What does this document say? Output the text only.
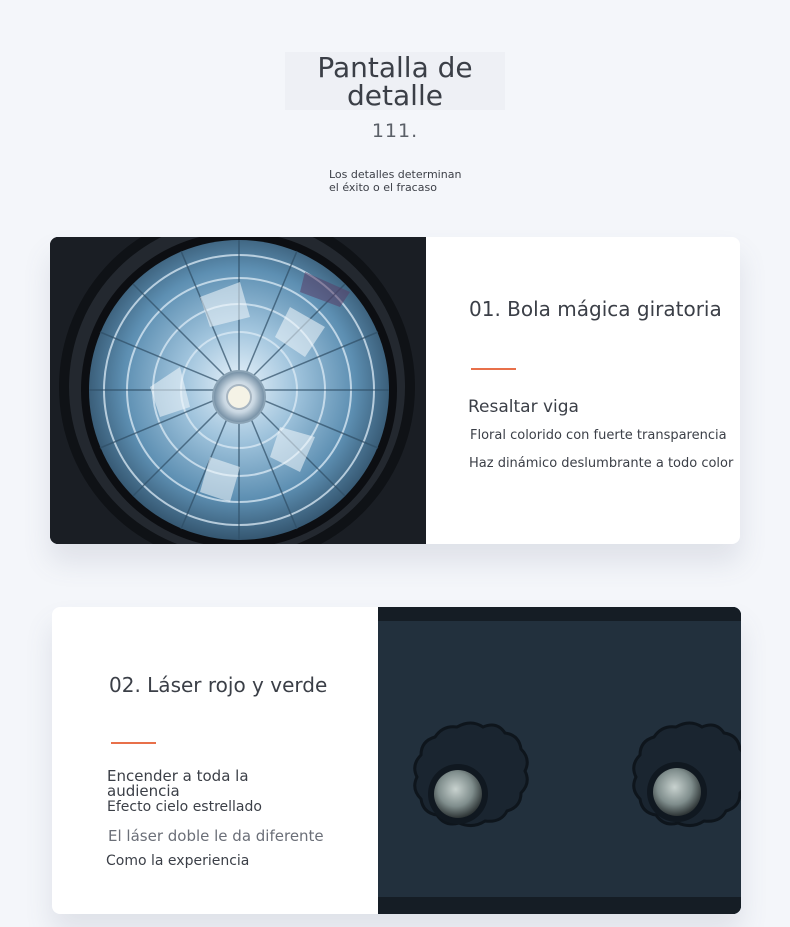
Pantalla de
detalle
111.
Los detalles determinan
el éxito o el fracaso
01. Bola mágica giratoria
Resaltar viga
Floral colorido con fuerte transparencia
Haz dinámico deslumbrante a todo color
02. Láser rojo y verde
Encender a toda la audiencia
Efecto cielo estrellado
El láser doble le da diferente
Como la experiencia
